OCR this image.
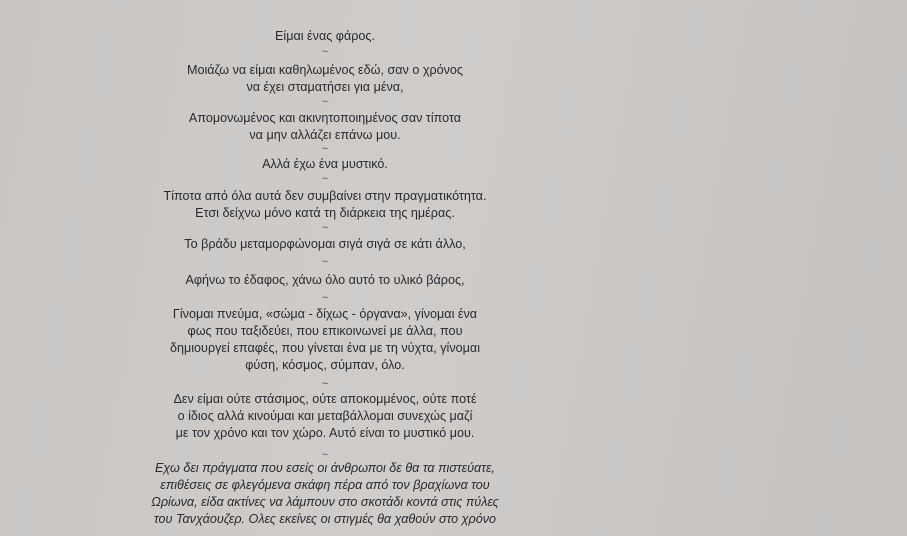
Είμαι ένας φάρος.
~
Μοιάζω να είμαι καθηλωμένος εδώ, σαν ο χρόνος
να έχει σταματήσει για μένα,
~
Απομονωμένος και ακινητοποιημένος σαν τίποτα
να μην αλλάζει επάνω μου.
~
Αλλά έχω ένα μυστικό.
~
Τίποτα από όλα αυτά δεν συμβαίνει στην πραγματικότητα.
Ετσι δείχνω μόνο κατά τη διάρκεια της ημέρας.
~
Το βράδυ μεταμορφώνομαι σιγά σιγά σε κάτι άλλο,
~
Αφήνω το έδαφος, χάνω όλο αυτό το υλικό βάρος,
~
Γίνομαι πνεύμα, «σώμα - δίχως - όργανα», γίνομαι ένα
φως που ταξιδεύει, που επικοινωνεί με άλλα, που
δημιουργεί επαφές, που γίνεται ένα με τη νύχτα, γίνομαι
φύση, κόσμος, σύμπαν, όλο.
~
Δεν είμαι ούτε στάσιμος, ούτε αποκομμένος, ούτε ποτέ
ο ίδιος αλλά κινούμαι και μεταβάλλομαι συνεχώς μαζί
με τον χρόνο και τον χώρο. Αυτό είναι το μυστικό μου.
~
Εχω δει πράγματα που εσείς οι άνθρωποι δε θα τα πιστεύατε,
επιθέσεις σε φλεγόμενα σκάφη πέρα από τον βραχίωνα του
Ωρίωνα, είδα ακτίνες να λάμπουν στο σκοτάδι κοντά στις πύλες
του Τανχάουζερ. Ολες εκείνες οι στιγμές θα χαθούν στο χρόνο
